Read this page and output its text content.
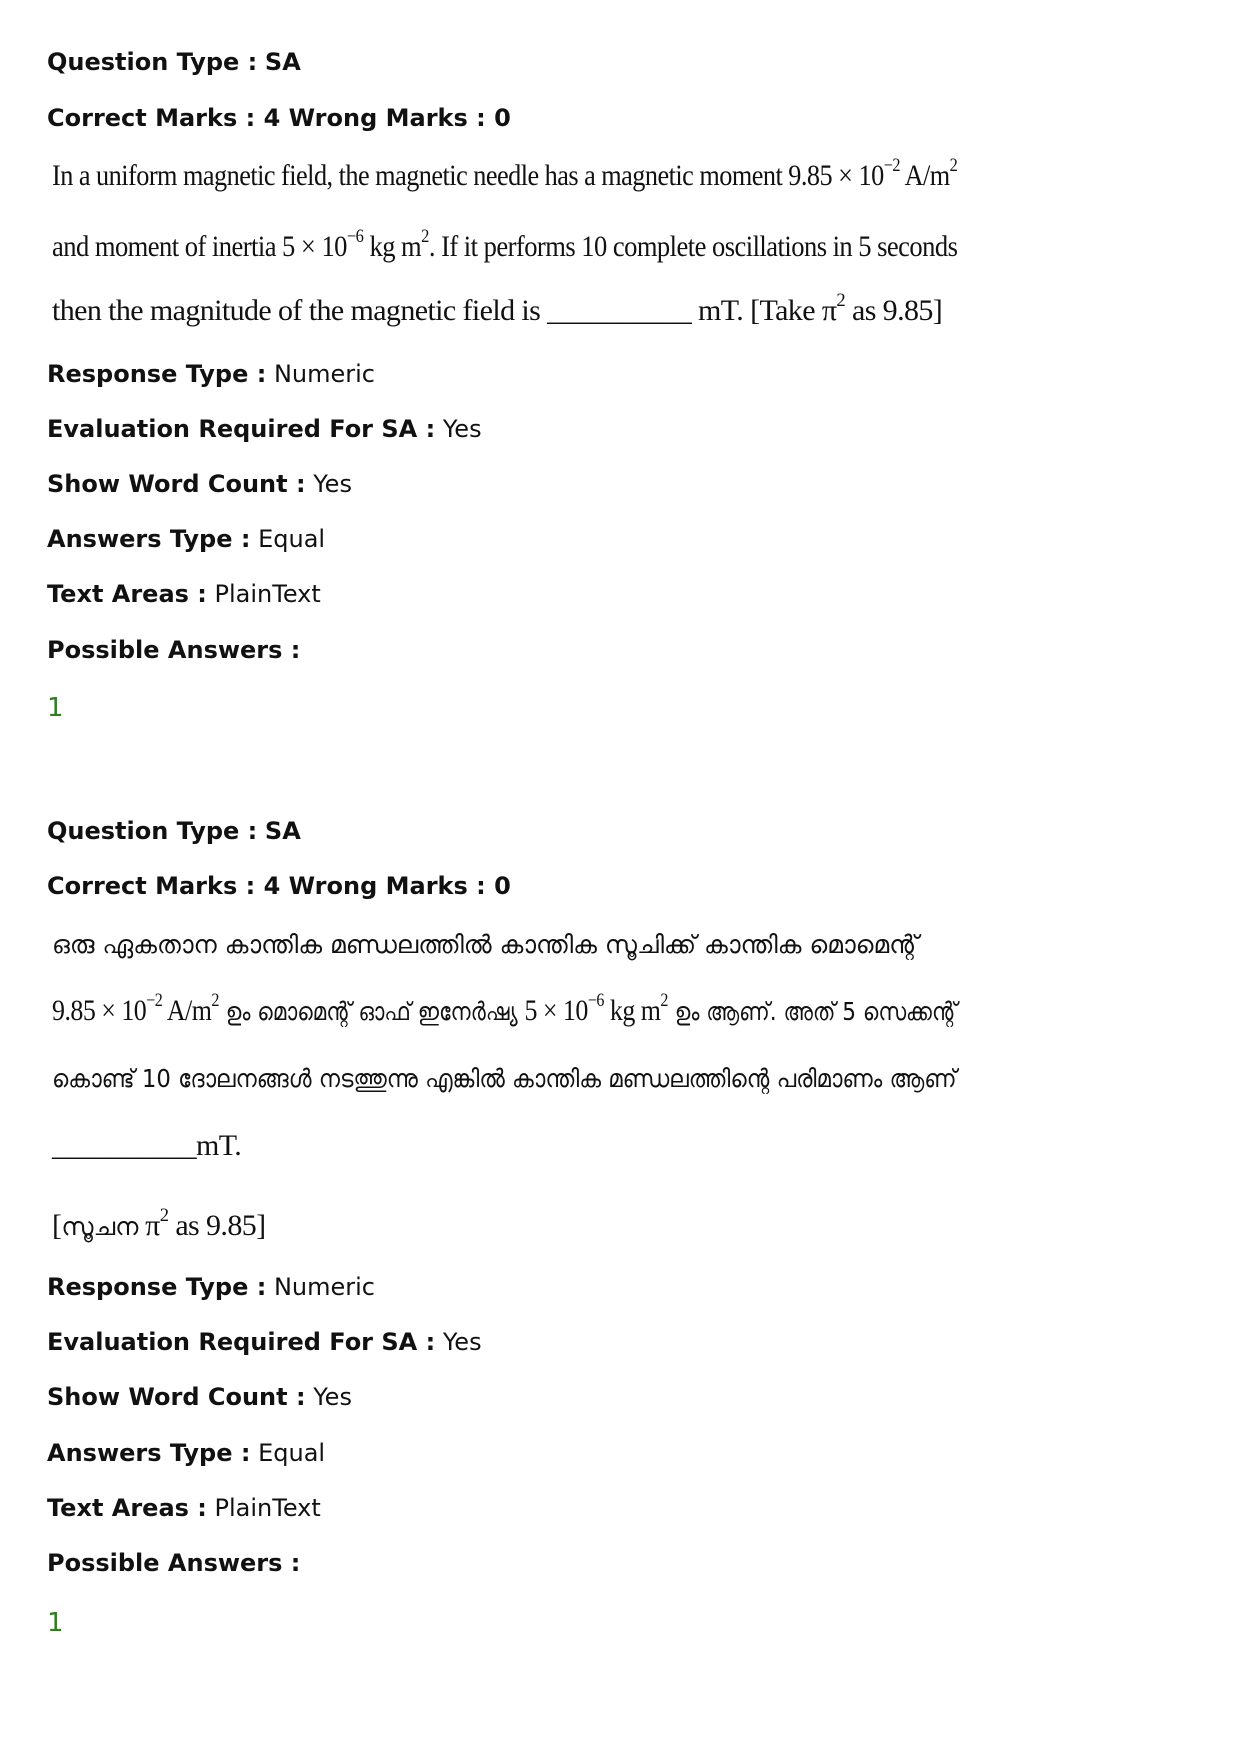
Question Type : SA
Correct Marks : 4 Wrong Marks : 0
In a uniform magnetic field, the magnetic needle has a magnetic moment $9.85 \times 10^{-2}$ $A/m^2$
and moment of inertia $5 \times 10^{-6}$ kg $m^2$. If it performs 10 complete oscillations in 5 seconds
then the magnitude of the magnetic field is __________ mT. [Take $\pi^2$ as 9.85]
Response Type : Numeric
Evaluation Required For SA : Yes
Show Word Count : Yes
Answers Type : Equal
Text Areas : PlainText
Possible Answers :
1
Question Type : SA
Correct Marks : 4 Wrong Marks : 0
ഒരു ഏകതാന കാന്തിക മണ്ഡലത്തിൽ കാന്തിക സൂചിക്ക് കാന്തിക മൊമെന്റ്
$9.85 \times 10^{-2}$ $A/m^2$ ഉം മൊമെന്റ് ഓഫ് ഇനേർഷ്യ $5 \times 10^{-6}$ kg $m^2$ ഉം ആണ്. അത് 5 സെക്കന്റ്
കൊണ്ട് 10 ദോലനങ്ങൾ നടത്തുന്നു എങ്കിൽ കാന്തിക മണ്ഡലത്തിന്റെ പരിമാണം ആണ്
__________mT.
[സൂചന $\pi^2$ as 9.85]
Response Type : Numeric
Evaluation Required For SA : Yes
Show Word Count : Yes
Answers Type : Equal
Text Areas : PlainText
Possible Answers :
1
